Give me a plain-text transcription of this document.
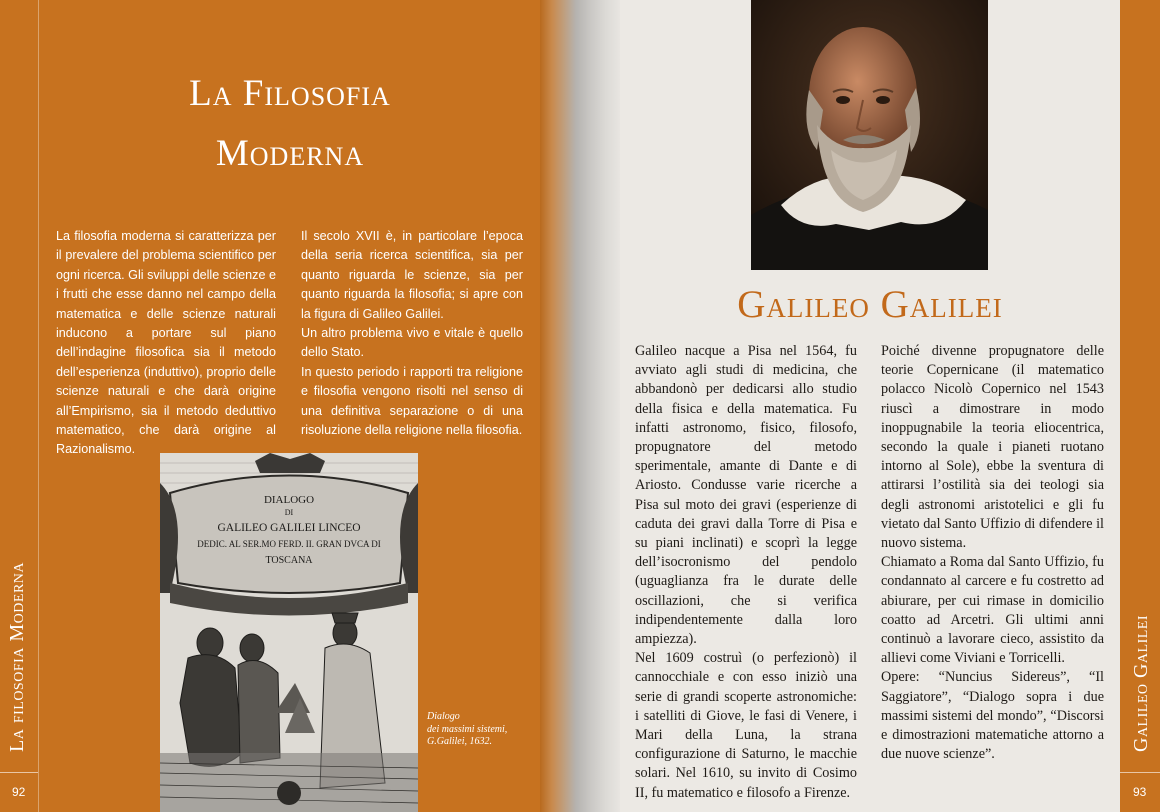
La filosofia Moderna
92
La Filosofia
Moderna

La filosofia moderna si caratterizza per il prevalere del problema scientifico per ogni ricerca. Gli sviluppi delle scienze e i frutti che esse danno nel campo della matematica e delle scienze naturali inducono a portare sul piano dell’indagine filosofica sia il metodo dell’esperienza (induttivo), proprio delle scienze naturali e che darà origine all’Empirismo, sia il metodo deduttivo matematico, che darà origine al Razionalismo.

Il secolo XVII è, in particolare l’epoca della seria ricerca scientifica, sia per quanto riguarda le scienze, sia per quanto riguarda la filosofia; si apre con la figura di Galileo Galilei.

Un altro problema vivo e vitale è quello dello Stato.

In questo periodo i rapporti tra religione e filosofia vengono risolti nel senso di una definitiva separazione o di una risoluzione della religione nella filosofia.

DIALOGO
DI
GALILEO GALILEI LINCEO
DEDIC. AL SER.MO FERD. II. GRAN DVCA DI
TOSCANA
Dialogo
dei massimi sistemi,
G.Galilei, 1632.
Galileo Galilei

Galileo nacque a Pisa nel 1564, fu avviato agli studi di medicina, che abbandonò per dedicarsi allo studio della fisica e della matematica. Fu infatti astronomo, fisico, filosofo, propugnatore del metodo sperimentale, amante di Dante e di Ariosto. Condusse varie ricerche a Pisa sul moto dei gravi (esperienze di caduta dei gravi dalla Torre di Pisa e su piani inclinati) e scoprì la legge dell’isocronismo del pendolo (uguaglianza fra le durate delle oscillazioni, che si verifica indipendentemente dalla loro ampiezza).

Nel 1609 costruì (o perfezionò) il cannocchiale e con esso iniziò una serie di grandi scoperte astronomiche: i satelliti di Giove, le fasi di Venere, i Mari della Luna, la strana configurazione di Saturno, le macchie solari. Nel 1610, su invito di Cosimo II, fu matematico e filosofo a Firenze.

Poiché divenne propugnatore delle teorie Copernicane (il matematico polacco Nicolò Copernico nel 1543 riuscì a dimostrare in modo inoppugnabile la teoria eliocentrica, secondo la quale i pianeti ruotano intorno al Sole), ebbe la sventura di attirarsi l’ostilità sia dei teologi sia degli astronomi aristotelici e gli fu vietato dal Santo Uffizio di difendere il nuovo sistema.

Chiamato a Roma dal Santo Uffizio, fu condannato al carcere e fu costretto ad abiurare, per cui rimase in domicilio coatto ad Arcetri. Gli ultimi anni continuò a lavorare cieco, assistito da allievi come Viviani e Torricelli.

Opere: “Nuncius Sidereus”, “Il Saggiatore”, “Dialogo sopra i due massimi sistemi del mondo”, “Discorsi e dimostrazioni matematiche attorno a due nuove scienze”.

Galileo Galilei
93
